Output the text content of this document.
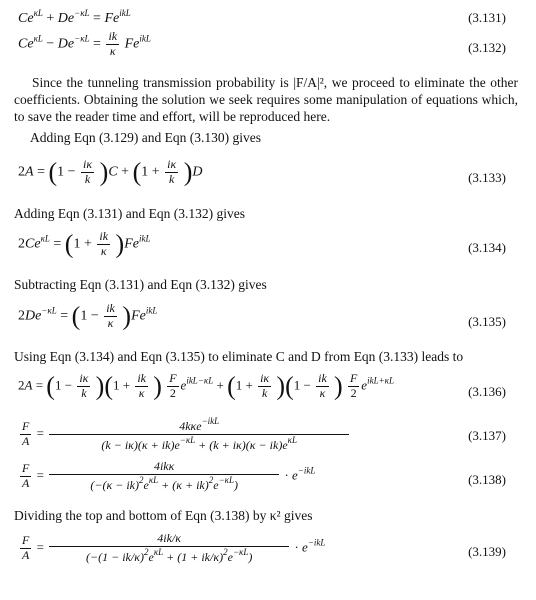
$Ce^{\kappa L} + De^{-\kappa L} = Fe^{ikL}$	(3.131)
$Ce^{\kappa L} - De^{-\kappa L} = \frac{ik}{\kappa} Fe^{ikL}$
(3.132)
Since the tunneling transmission probability is |F/A|², we proceed to eliminate the other coefficients. Obtaining the solution we seek requires some manipulation of equations which, to save the reader time and effort, will be reproduced here.
Adding Eqn (3.129) and Eqn (3.130) gives
$2A = (1 - \frac{i\kappa}{k} )C + (1 + \frac{i\kappa}{k} )D$	(3.133)
Adding Eqn (3.131) and Eqn (3.132) gives
$2Ce^{\kappa L} = (1 + \frac{ik}{\kappa} )Fe^{ikL}$
(3.134)
Subtracting Eqn (3.131) and Eqn (3.132) gives
$2De^{-\kappa L} = (1 - \frac{ik}{\kappa} )Fe^{ikL}$
(3.135)
Using Eqn (3.134) and Eqn (3.135) to eliminate C and D from Eqn (3.133) leads to
$2A = (1 - \frac{i\kappa}{k} )(1 + \frac{ik}{\kappa}$ ) $\frac{F}{2} e^{ikL-\kappa L} + (1 + \frac{i\kappa}{k} )(1 - \frac{ik}{\kappa}$ ) $\frac{F}{2} e^{ikL+\kappa L}$
(3.136)
$\frac{F}{A} = \frac{4k\kappa e^{-ikL}}{(k - i\kappa)(\kappa + ik)e^{-\kappa L} + (k + i\kappa)(\kappa - ik)e^{\kappa L}}$	(3.137)
$\frac{F}{A} = \frac{\text{4ikκ}}{(-(\kappa - ik)^2e^{\kappa L} + (\kappa + ik)^2e^{-\kappa L})} \cdot e^{-ikL}$
(3.138)
Dividing the top and bottom of Eqn (3.138) by κ² gives
$\frac{F}{A} = \frac{4ik/\kappa}{(-(1 - ik/\kappa)^2e^{\kappa L} + (1 + ik/\kappa)^2e^{-\kappa L})} \cdot e^{-ikL}$
(3.139)
